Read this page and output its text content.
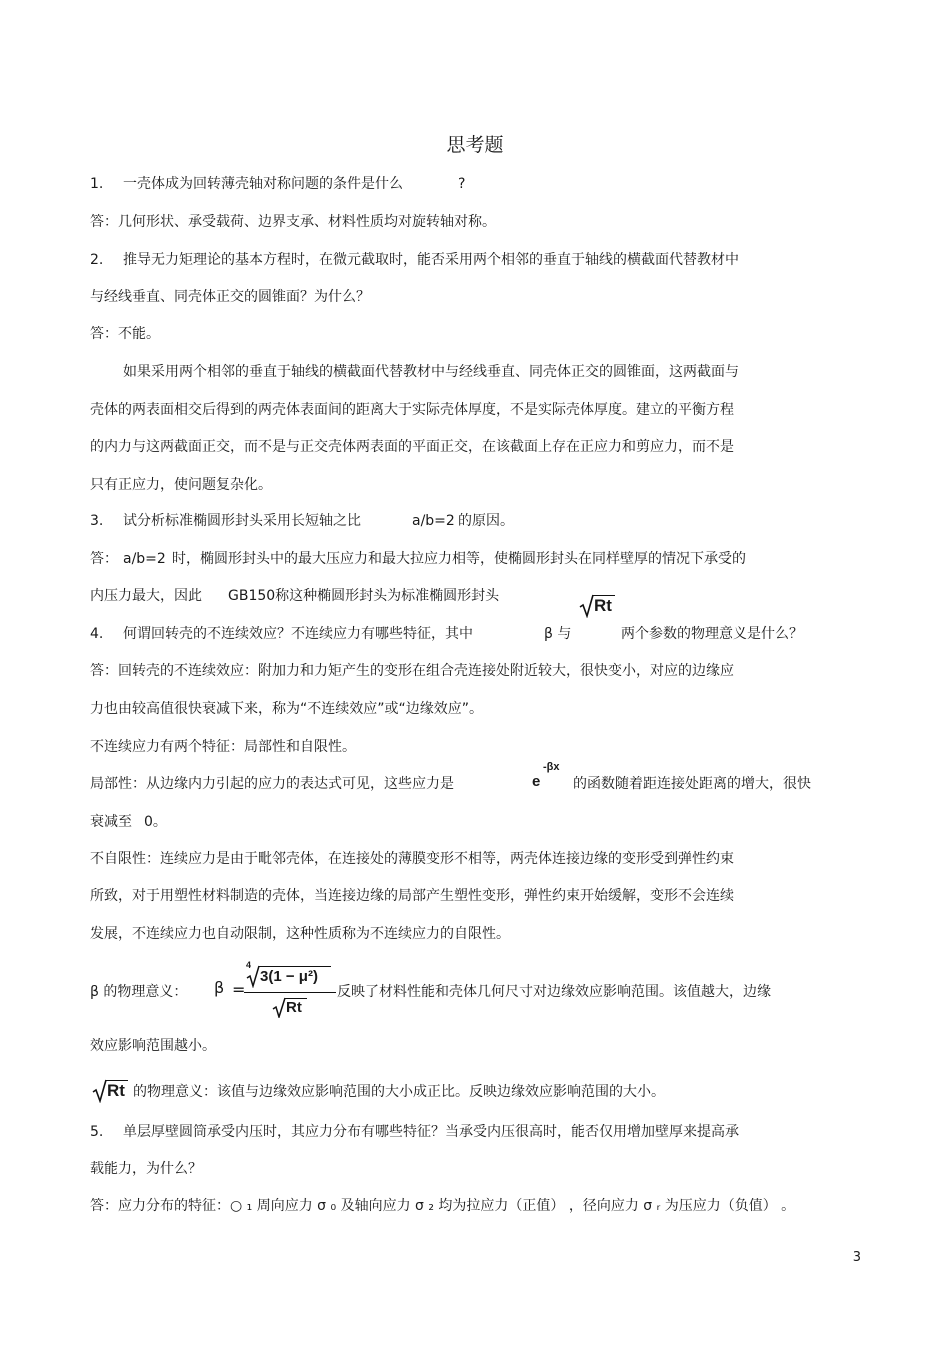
思考题
1. 一壳体成为回转薄壳轴对称问题的条件是什么	?
答：几何形状、承受载荷、边界支承、材料性质均对旋转轴对称。
2. 推导无力矩理论的基本方程时，在微元截取时，能否采用两个相邻的垂直于轴线的横截面代替教材中
与经线垂直、同壳体正交的圆锥面？为什么？
答：不能。
如果采用两个相邻的垂直于轴线的横截面代替教材中与经线垂直、同壳体正交的圆锥面，这两截面与
壳体的两表面相交后得到的两壳体表面间的距离大于实际壳体厚度，不是实际壳体厚度。建立的平衡方程
的内力与这两截面正交，而不是与正交壳体两表面的平面正交，在该截面上存在正应力和剪应力，而不是
只有正应力，使问题复杂化。
3. 试分析标准椭圆形封头采用长短轴之比	a/b=2 的原因。
答： a/b=2 时，椭圆形封头中的最大压应力和最大拉应力相等，使椭圆形封头在同样壁厚的情况下承受的
内压力最大，因此 GB150称这种椭圆形封头为标准椭圆形封头	Rt
4. 何谓回转壳的不连续效应？不连续应力有哪些特征，其中	β 与	两个参数的物理意义是什么？
答：回转壳的不连续效应：附加力和力矩产生的变形在组合壳连接处附近较大，很快变小，对应的边缘应
力也由较高值很快衰减下来，称为“不连续效应”或“边缘效应”。
不连续应力有两个特征：局部性和自限性。
局部性：从边缘内力引起的应力的表达式可见，这些应力是	e
-βx
的函数随着距连接处距离的增大，很快
衰减至 0。
不自限性：连续应力是由于毗邻壳体，在连接处的薄膜变形不相等，两壳体连接边缘的变形受到弹性约束
所致，对于用塑性材料制造的壳体，当连接边缘的局部产生塑性变形，弹性约束开始缓解，变形不会连续
发展，不连续应力也自动限制，这种性质称为不连续应力的自限性。
β 的物理意义： β =
4
3(1 − μ²)
Rt
反映了材料性能和壳体几何尺寸对边缘效应影响范围。该值越大，边缘
效应影响范围越小。
Rt 的物理意义：该值与边缘效应影响范围的大小成正比。反映边缘效应影响范围的大小。
5. 单层厚壁圆筒承受内压时，其应力分布有哪些特征？当承受内压很高时，能否仅用增加壁厚来提高承
载能力，为什么？
答：应力分布的特征：○ ₁ 周向应力 σ ₀ 及轴向应力 σ ₂ 均为拉应力（正值） ，径向应力 σ ᵣ 为压应力（负值） 。
3
